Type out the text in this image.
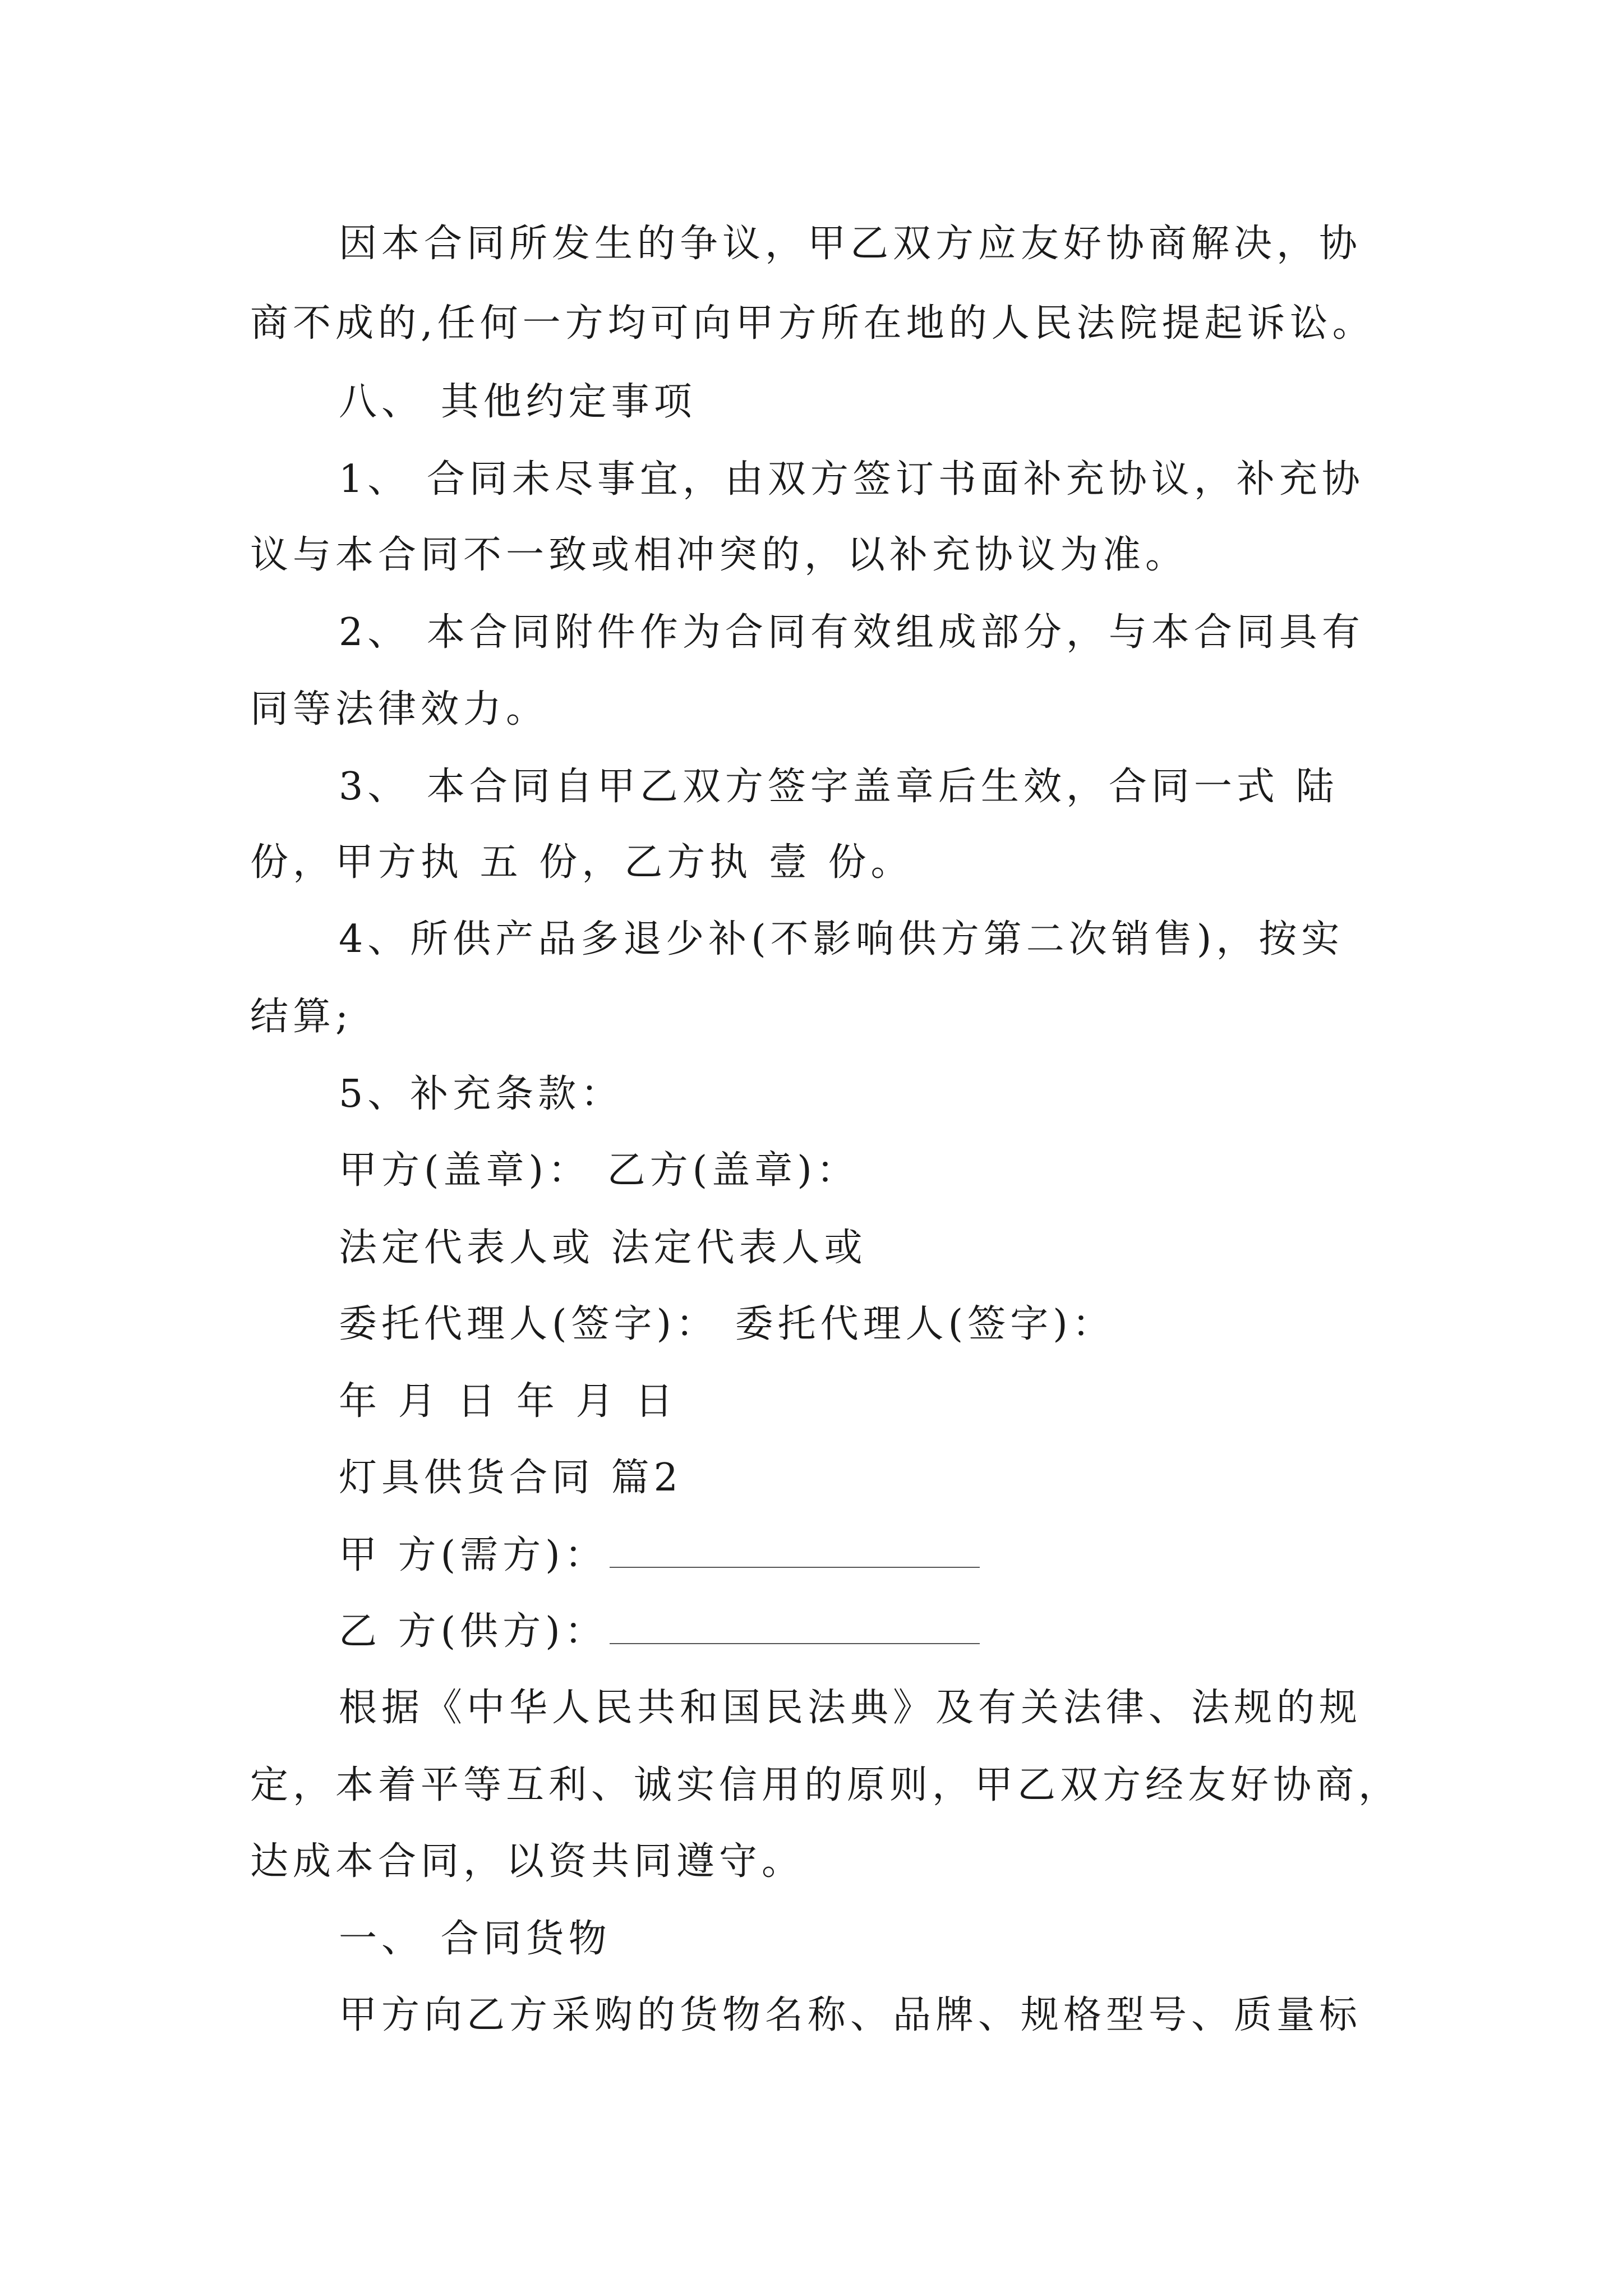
因本合同所发生的争议，甲乙双方应友好协商解决，协
商不成的,任何一方均可向甲方所在地的人民法院提起诉讼。
八、 其他约定事项
1、 合同未尽事宜，由双方签订书面补充协议，补充协
议与本合同不一致或相冲突的，以补充协议为准。
2、 本合同附件作为合同有效组成部分，与本合同具有
同等法律效力。
3、 本合同自甲乙双方签字盖章后生效，合同一式 陆
份，甲方执 五 份，乙方执 壹 份。
4、所供产品多退少补(不影响供方第二次销售)，按实
结算;
5、补充条款：
甲方(盖章)： 乙方(盖章)：
法定代表人或 法定代表人或
委托代理人(签字)： 委托代理人(签字)：
年 月 日 年 月 日
灯具供货合同 篇2
甲 方(需方)：
乙 方(供方)：
根据《中华人民共和国民法典》及有关法律、法规的规
定，本着平等互利、诚实信用的原则，甲乙双方经友好协商，
达成本合同，以资共同遵守。
一、 合同货物
甲方向乙方采购的货物名称、品牌、规格型号、质量标
